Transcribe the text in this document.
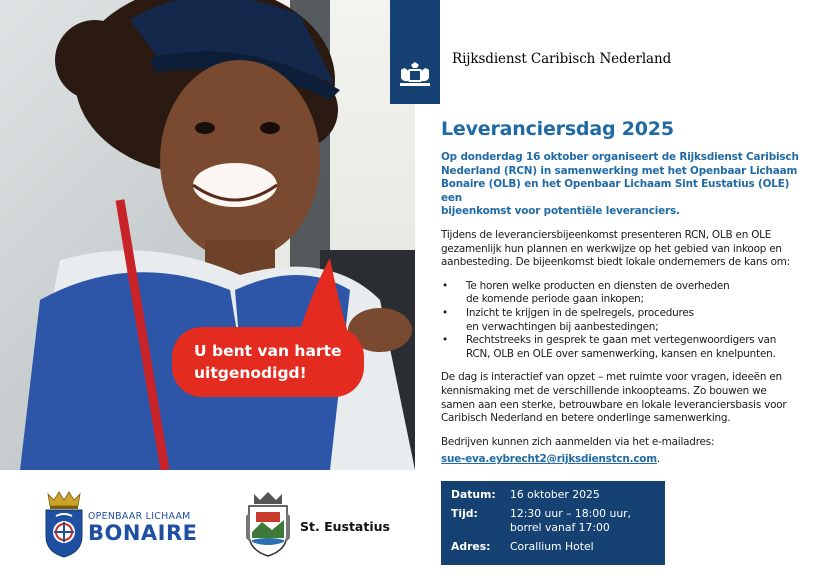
U bent van harte
uitgenodigd!
Rijksdienst Caribisch Nederland
Leveranciersdag 2025
Op donderdag 16 oktober organiseert de Rijksdienst Caribisch
Nederland (RCN) in samenwerking met het Openbaar Lichaam
Bonaire (OLB) en het Openbaar Lichaam Sint Eustatius (OLE) een
bijeenkomst voor potentiële leveranciers.
Tijdens de leveranciersbijeenkomst presenteren RCN, OLB en OLE
gezamenlijk hun plannen en werkwijze op het gebied van inkoop en
aanbesteding. De bijeenkomst biedt lokale ondernemers de kans om:
• Te horen welke producten en diensten de overheden
de komende periode gaan inkopen;
• Inzicht te krijgen in de spelregels, procedures
en verwachtingen bij aanbestedingen;
• Rechtstreeks in gesprek te gaan met vertegenwoordigers van
RCN, OLB en OLE over samenwerking, kansen en knelpunten.
De dag is interactief van opzet – met ruimte voor vragen, ideeën en
kennismaking met de verschillende inkoopteams. Zo bouwen we
samen aan een sterke, betrouwbare en lokale leveranciersbasis voor
Caribisch Nederland en betere onderlinge samenwerking.
Bedrijven kunnen zich aanmelden via het e-mailadres:
sue-eva.eybrecht2@rijksdienstcn.com.
Datum:	16 oktober 2025
Tijd:	12:30 uur – 18:00 uur,
borrel vanaf 17:00
Adres:	Corallium Hotel
OPENBAAR LICHAAM
BONAIRE	St. Eustatius
